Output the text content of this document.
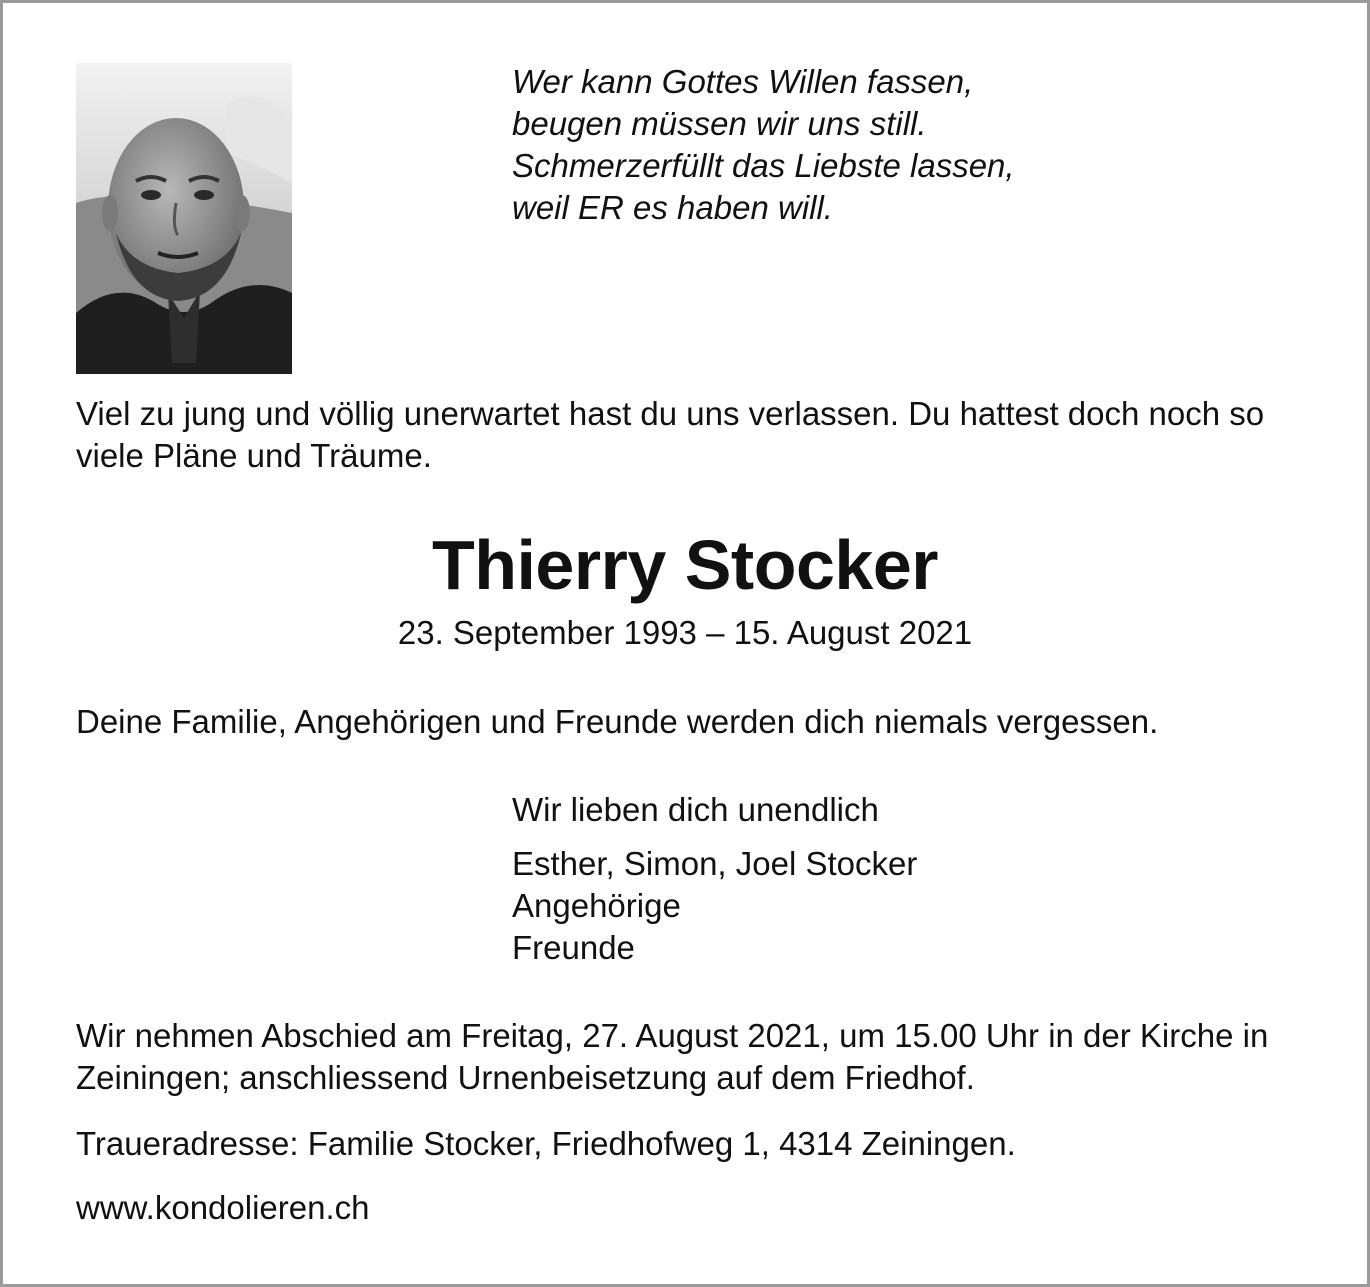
Wer kann Gottes Willen fassen,
beugen müssen wir uns still.
Schmerzerfüllt das Liebste lassen,
weil ER es haben will.

Viel zu jung und völlig unerwartet hast du uns verlassen. Du hattest doch noch so viele Pläne und Träume.

Thierry Stocker

23. September 1993 – 15. August 2021

Deine Familie, Angehörigen und Freunde werden dich niemals vergessen.

Wir lieben dich unendlich

Esther, Simon, Joel Stocker
Angehörige
Freunde

Wir nehmen Abschied am Freitag, 27. August 2021, um 15.00 Uhr in der Kirche in Zeiningen; anschliessend Urnenbeisetzung auf dem Friedhof.

Traueradresse: Familie Stocker, Friedhofweg 1, 4314 Zeiningen.

www.kondolieren.ch
